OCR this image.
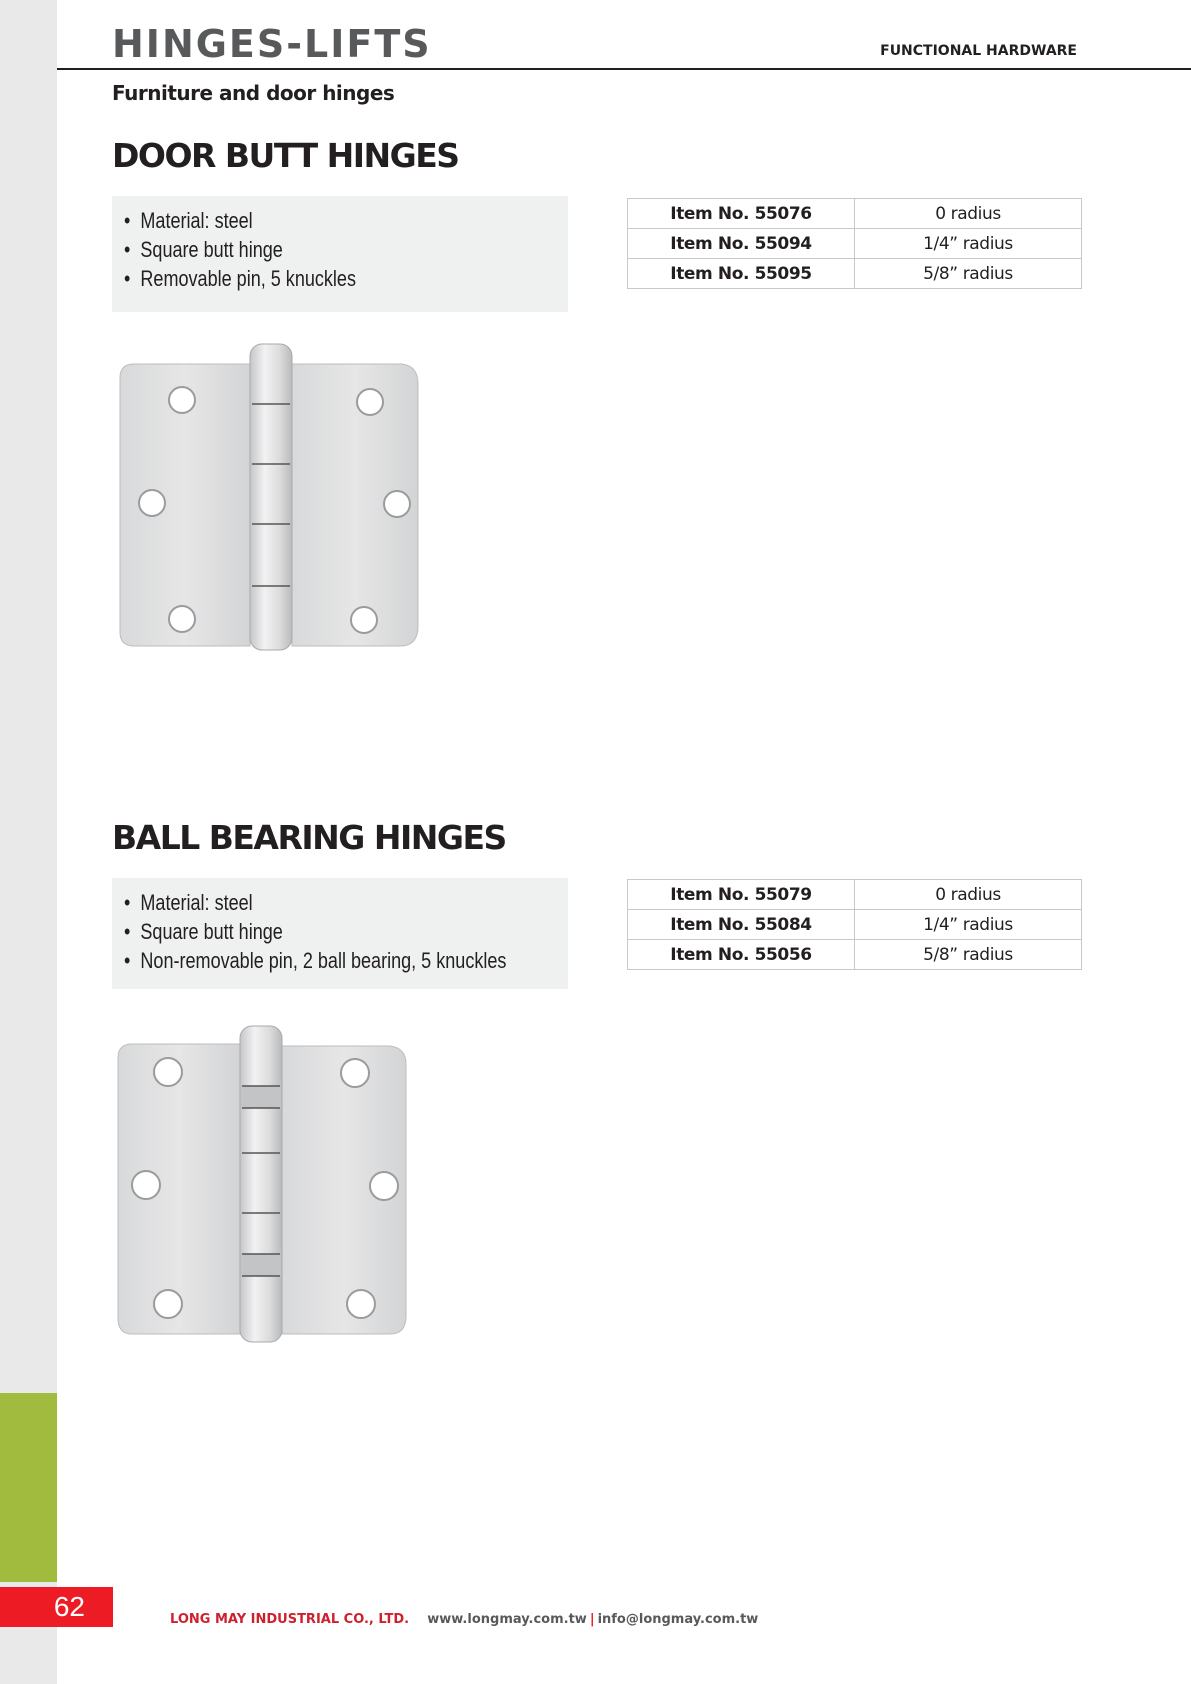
62
HINGES-LIFTS	FUNCTIONAL HARDWARE
Furniture and door hinges
DOOR BUTT HINGES
• Material: steel
• Square butt hinge
• Removable pin, 5 knuckles
Item No. 55076	0 radius
Item No. 55094	1/4” radius
Item No. 55095	5/8” radius
BALL BEARING HINGES
• Material: steel
• Square butt hinge
• Non-removable pin, 2 ball bearing, 5 knuckles
Item No. 55079	0 radius
Item No. 55084	1/4” radius
Item No. 55056	5/8” radius
LONG MAY INDUSTRIAL CO., LTD. www.longmay.com.tw | info@longmay.com.tw
